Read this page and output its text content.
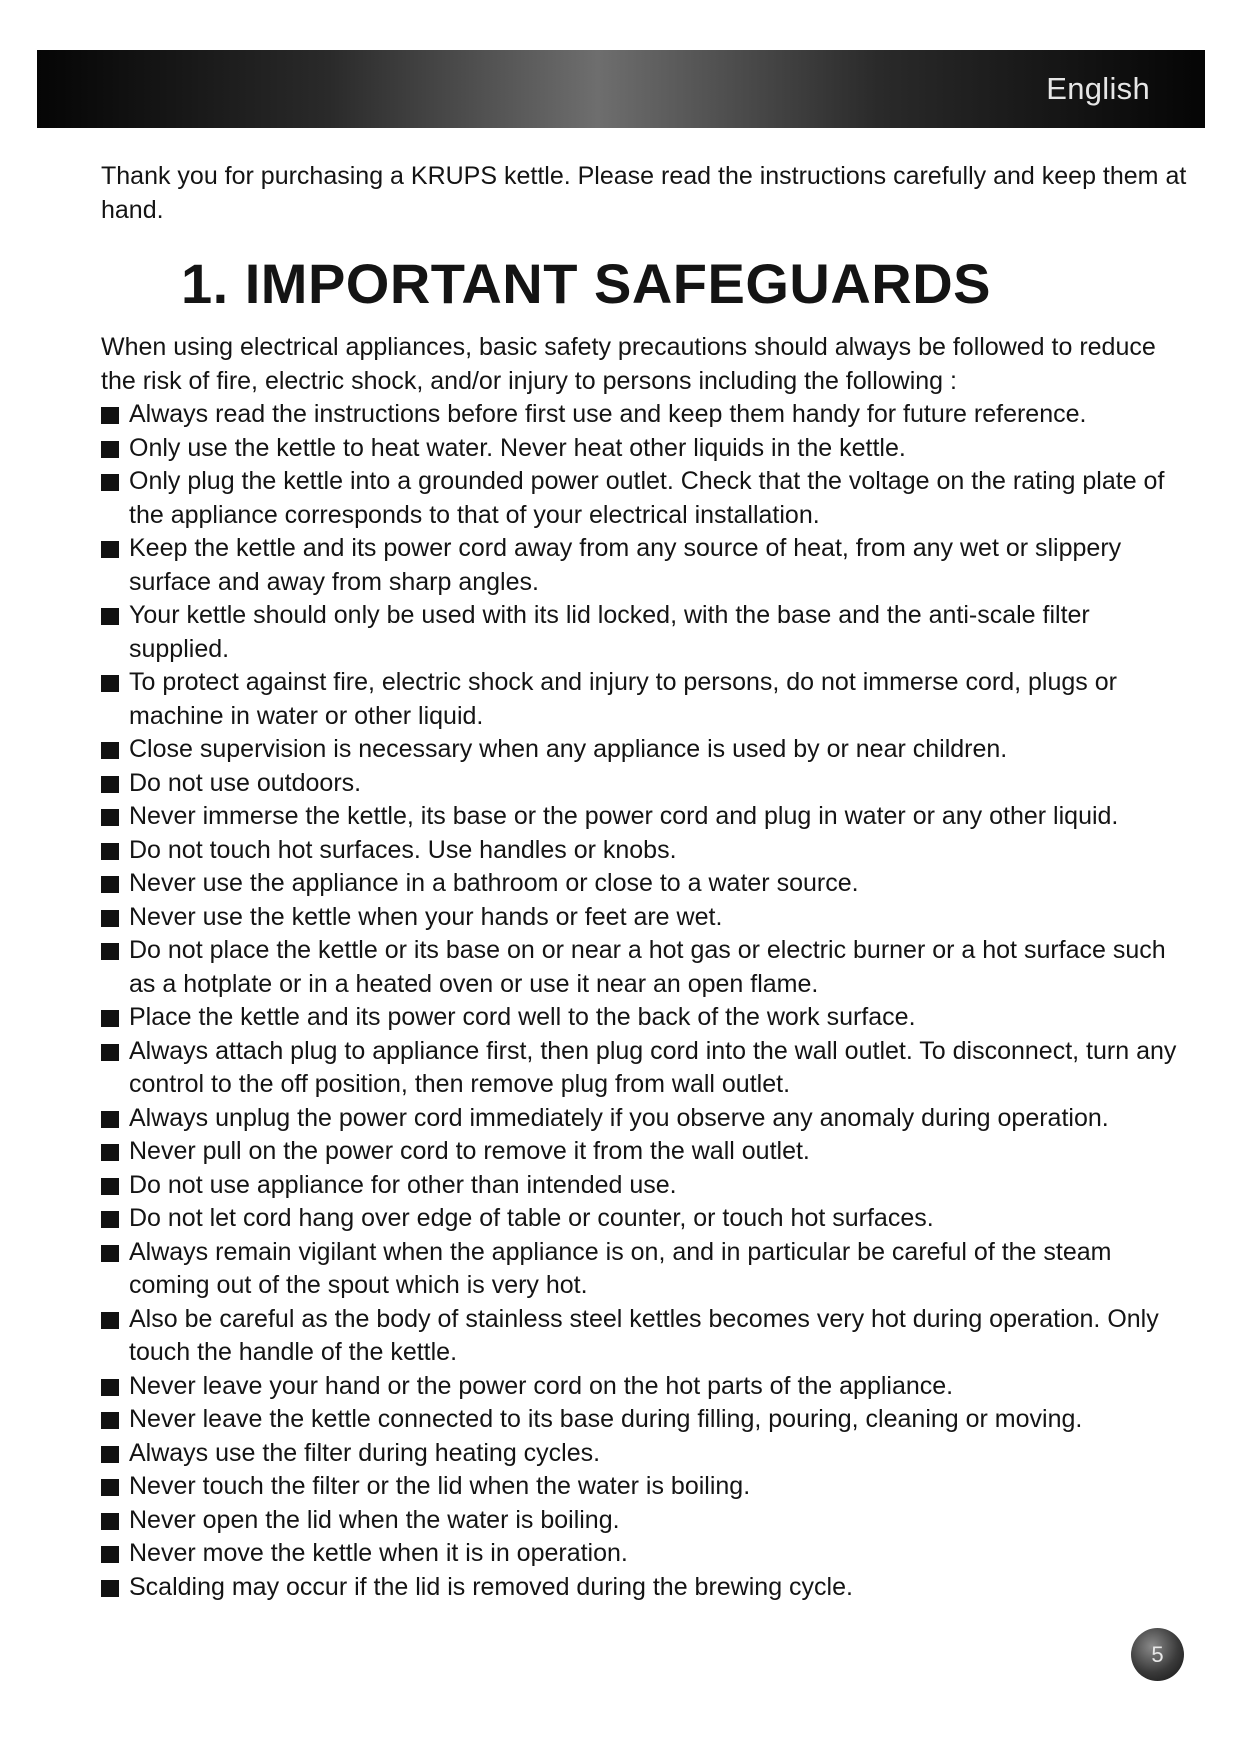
English

Thank you for purchasing a KRUPS kettle. Please read the instructions carefully and keep them at hand.

1. IMPORTANT SAFEGUARDS

When using electrical appliances, basic safety precautions should always be followed to reduce the risk of fire, electric shock, and/or injury to persons including the following :

Always read the instructions before first use and keep them handy for future reference.
Only use the kettle to heat water. Never heat other liquids in the kettle.
Only plug the kettle into a grounded power outlet. Check that the voltage on the rating plate of the appliance corresponds to that of your electrical installation.
Keep the kettle and its power cord away from any source of heat, from any wet or slippery surface and away from sharp angles.
Your kettle should only be used with its lid locked, with the base and the anti-scale filter supplied.
To protect against fire, electric shock and injury to persons, do not immerse cord, plugs or machine in water or other liquid.
Close supervision is necessary when any appliance is used by or near children.
Do not use outdoors.
Never immerse the kettle, its base or the power cord and plug in water or any other liquid.
Do not touch hot surfaces. Use handles or knobs.
Never use the appliance in a bathroom or close to a water source.
Never use the kettle when your hands or feet are wet.
Do not place the kettle or its base on or near a hot gas or electric burner or a hot surface such as a hotplate or in a heated oven or use it near an open flame.
Place the kettle and its power cord well to the back of the work surface.
Always attach plug to appliance first, then plug cord into the wall outlet. To disconnect, turn any control to the off position, then remove plug from wall outlet.
Always unplug the power cord immediately if you observe any anomaly during operation.
Never pull on the power cord to remove it from the wall outlet.
Do not use appliance for other than intended use.
Do not let cord hang over edge of table or counter, or touch hot surfaces.
Always remain vigilant when the appliance is on, and in particular be careful of the steam coming out of the spout which is very hot.
Also be careful as the body of stainless steel kettles becomes very hot during operation. Only touch the handle of the kettle.
Never leave your hand or the power cord on the hot parts of the appliance.
Never leave the kettle connected to its base during filling, pouring, cleaning or moving.
Always use the filter during heating cycles.
Never touch the filter or the lid when the water is boiling.
Never open the lid when the water is boiling.
Never move the kettle when it is in operation.
Scalding may occur if the lid is removed during the brewing cycle.
5
